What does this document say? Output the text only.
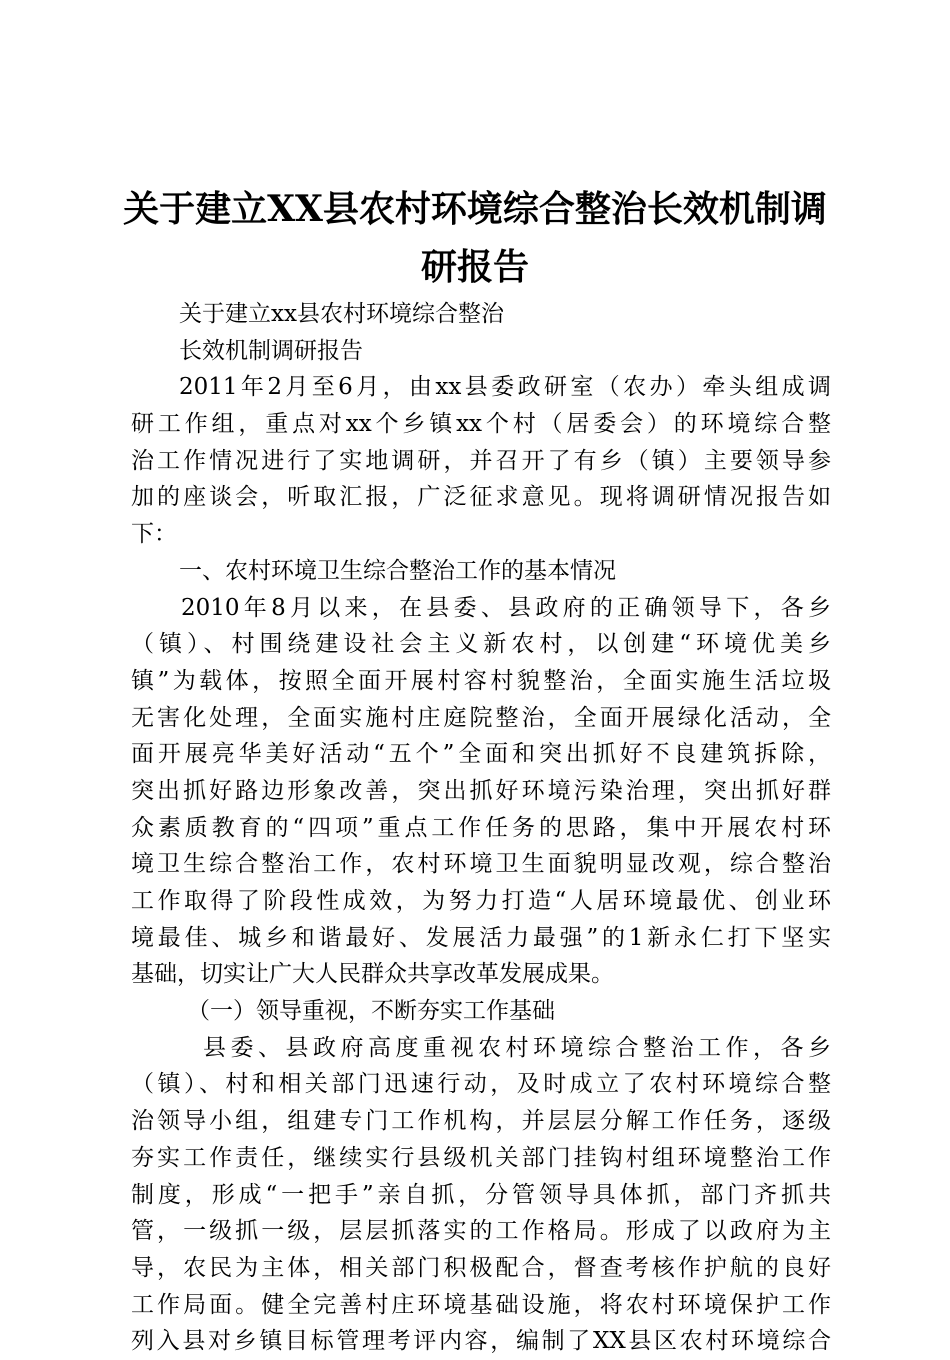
关于建立XX县农村环境综合整治长效机制调
研报告
关于建立xx县农村环境综合整治
长效机制调研报告
2011年2月至6月，由xx县委政研室（农办）牵头组成调
研工作组，重点对xx个乡镇xx个村（居委会）的环境综合整
治工作情况进行了实地调研，并召开了有乡（镇）主要领导参
加的座谈会，听取汇报，广泛征求意见。现将调研情况报告如
下：
一、农村环境卫生综合整治工作的基本情况
2010年8月以来，在县委、县政府的正确领导下，各乡
（镇）、村围绕建设社会主义新农村，以创建“环境优美乡
镇”为载体，按照全面开展村容村貌整治，全面实施生活垃圾
无害化处理，全面实施村庄庭院整治，全面开展绿化活动，全
面开展亮华美好活动“五个”全面和突出抓好不良建筑拆除，
突出抓好路边形象改善，突出抓好环境污染治理，突出抓好群
众素质教育的“四项”重点工作任务的思路，集中开展农村环
境卫生综合整治工作，农村环境卫生面貌明显改观，综合整治
工作取得了阶段性成效，为努力打造“人居环境最优、创业环
境最佳、城乡和谐最好、发展活力最强”的1新永仁打下坚实
基础，切实让广大人民群众共享改革发展成果。
（一）领导重视，不断夯实工作基础
县委、县政府高度重视农村环境综合整治工作，各乡
（镇）、村和相关部门迅速行动，及时成立了农村环境综合整
治领导小组，组建专门工作机构，并层层分解工作任务，逐级
夯实工作责任，继续实行县级机关部门挂钩村组环境整治工作
制度，形成“一把手”亲自抓，分管领导具体抓，部门齐抓共
管，一级抓一级，层层抓落实的工作格局。形成了以政府为主
导，农民为主体，相关部门积极配合，督查考核作护航的良好
工作局面。健全完善村庄环境基础设施，将农村环境保护工作
列入县对乡镇目标管理考评内容，编制了XX县区农村环境综合
